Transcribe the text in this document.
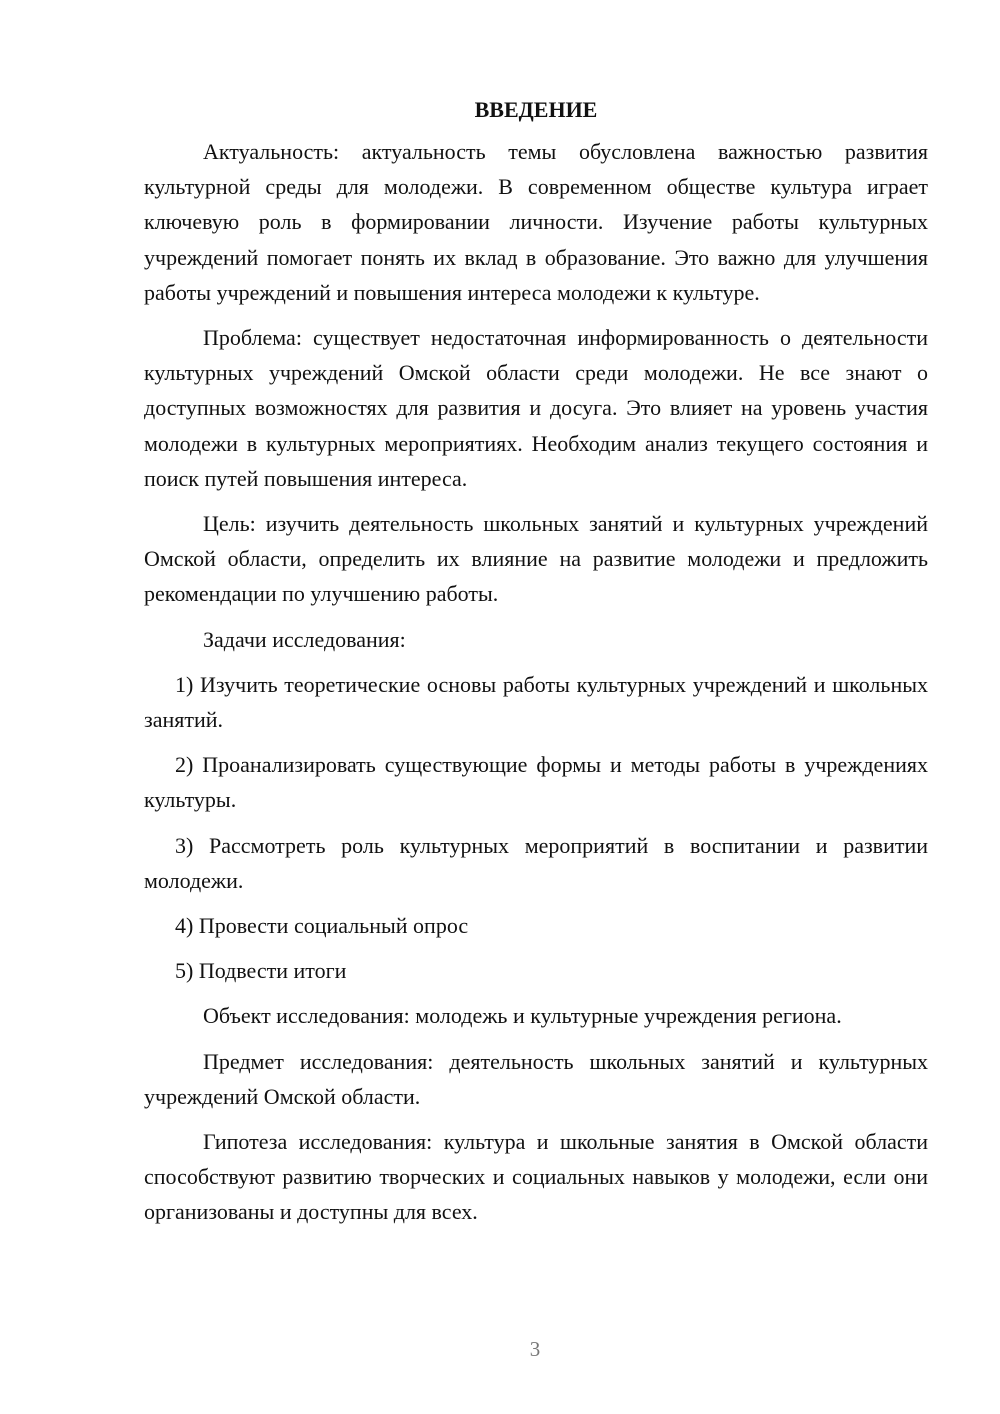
ВВЕДЕНИЕ

Актуальность: актуальность темы обусловлена важностью развития культурной среды для молодежи. В современном обществе культура играет ключевую роль в формировании личности. Изучение работы культурных учреждений помогает понять их вклад в образование. Это важно для улучшения работы учреждений и повышения интереса молодежи к культуре.

Проблема: существует недостаточная информированность о деятельности культурных учреждений Омской области среди молодежи. Не все знают о доступных возможностях для развития и досуга. Это влияет на уровень участия молодежи в культурных мероприятиях. Необходим анализ текущего состояния и поиск путей повышения интереса.

Цель: изучить деятельность школьных занятий и культурных учреждений Омской области, определить их влияние на развитие молодежи и предложить рекомендации по улучшению работы.

Задачи исследования:

1) Изучить теоретические основы работы культурных учреждений и школьных занятий.

2) Проанализировать существующие формы и методы работы в учреждениях культуры.

3) Рассмотреть роль культурных мероприятий в воспитании и развитии молодежи.

4) Провести социальный опрос

5) Подвести итоги

Объект исследования: молодежь и культурные учреждения региона.

Предмет исследования: деятельность школьных занятий и культурных учреждений Омской области.

Гипотеза исследования: культура и школьные занятия в Омской области способствуют развитию творческих и социальных навыков у молодежи, если они организованы и доступны для всех.

3
